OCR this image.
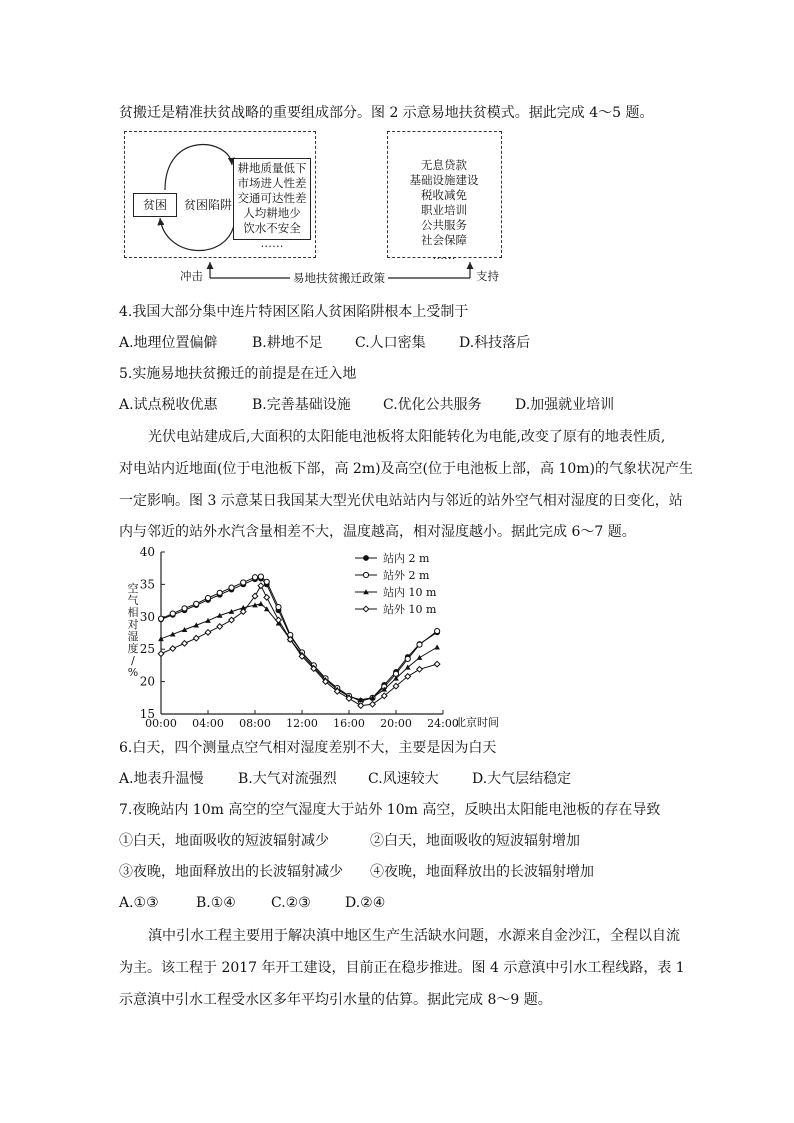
贫搬迁是精准扶贫战略的重要组成部分。图 2 示意易地扶贫模式。据此完成 4～5 题。
贫困	贫困陷阱
耕地质量低下
市场进人性差
交通可达性差
人均耕地少
饮水不安全
……
无息贷款
基础设施建设
税收减免
职业培训
公共服务
社会保障
……
冲击	易地扶贫搬迁政策	支持
4.我国大部分集中连片特困区陷人贫困陷阱根本上受制于
A.地理位置偏僻 B.耕地不足 C.人口密集 D.科技落后
5.实施易地扶贫搬迁的前提是在迁入地
A.试点税收优惠 B.完善基础设施 C.优化公共服务 D.加强就业培训
光伏电站建成后,大面积的太阳能电池板将太阳能转化为电能,改变了原有的地表性质,
对电站内近地面(位于电池板下部，高 2m)及高空(位于电池板上部，高 10m)的气象状况产生
一定影响。图 3 示意某日我国某大型光伏电站站内与邻近的站外空气相对湿度的日变化，站
内与邻近的站外水汽含量相差不大，温度越高，相对湿度越小。据此完成 6～7 题。
15
20
25
30
35
40
00:00 04:00 08:00 12:00 16:00 20:00 24:00
空
气
相
对
湿
度
/
%
北京时间
站内 2 m
站外 2 m
站内 10 m
站外 10 m
6.白天，四个测量点空气相对湿度差别不大，主要是因为白天
A.地表升温慢 B.大气对流强烈 C.风速较大 D.大气层结稳定
7.夜晚站内 10m 高空的空气湿度大于站外 10m 高空，反映出太阳能电池板的存在导致
①白天，地面吸收的短波辐射减少	②白天，地面吸收的短波辐射增加
③夜晚，地面释放出的长波辐射减少 ④夜晚，地面释放出的长波辐射增加
A.①③	B.①④	C.②③ D.②④
滇中引水工程主要用于解决滇中地区生产生活缺水问题，水源来自金沙江，全程以自流
为主。该工程于 2017 年开工建设，目前正在稳步推进。图 4 示意滇中引水工程线路，表 1
示意滇中引水工程受水区多年平均引水量的估算。据此完成 8～9 题。
